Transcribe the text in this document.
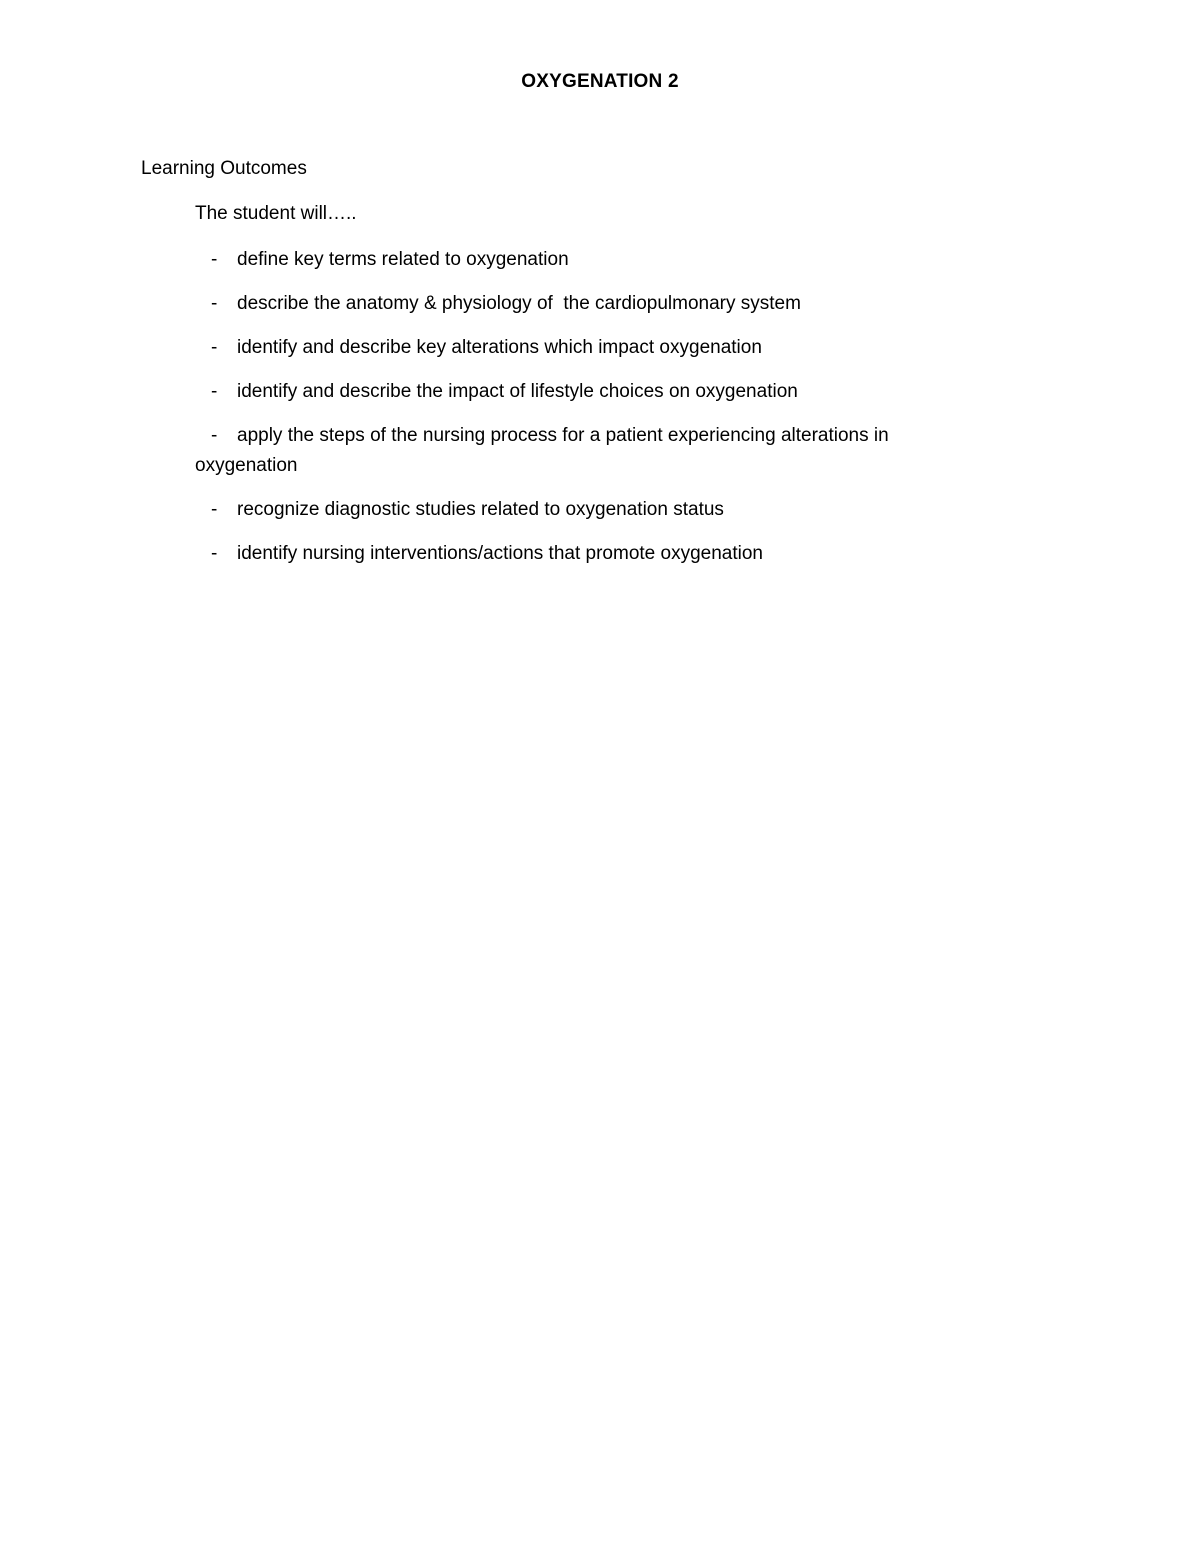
OXYGENATION 2
Learning Outcomes
The student will…..
- define key terms related to oxygenation
- describe the anatomy & physiology of  the cardiopulmonary system
- identify and describe key alterations which impact oxygenation
- identify and describe the impact of lifestyle choices on oxygenation
- apply the steps of the nursing process for a patient experiencing alterations in oxygenation
- recognize diagnostic studies related to oxygenation status
- identify nursing interventions/actions that promote oxygenation
